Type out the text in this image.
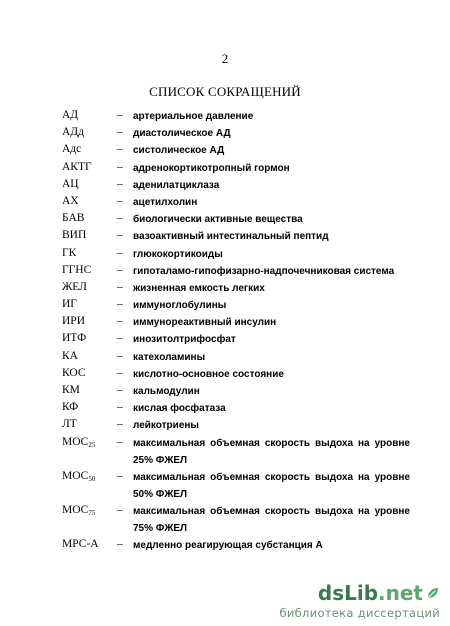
2
СПИСОК СОКРАЩЕНИЙ
АД	– артериальное давление
АДд	– диастолическое АД
Адс	– систолическое АД
АКТГ – адренокортикотропный гормон
АЦ	– аденилатциклаза
АХ	– ацетилхолин
БАВ	– биологически активные вещества
ВИП	– вазоактивный интестинальный пептид
ГК	– глюкокортикоиды
ГГНС – гипоталамо-гипофизарно-надпочечниковая система
ЖЕЛ	– жизненная емкость легких
ИГ	– иммуноглобулины
ИРИ	– иммунореактивный инсулин
ИТФ	– инозитолтрифосфат
КА	– катехоламины
КОС	– кислотно-основное состояние
КМ	– кальмодулин
КФ	– кислая фосфатаза
ЛТ	– лейкотриены
$МОС_{25}$ – максимальная объемная скорость выдоха на уровне 25% ФЖЕЛ
$МОС_{50}$ – максимальная объемная скорость выдоха на уровне 50% ФЖЕЛ
$МОС_{75}$ – максимальная объемная скорость выдоха на уровне 75% ФЖЕЛ
МРС-А – медленно реагирующая субстанция А
dsLib.net
библиотека диссертаций
